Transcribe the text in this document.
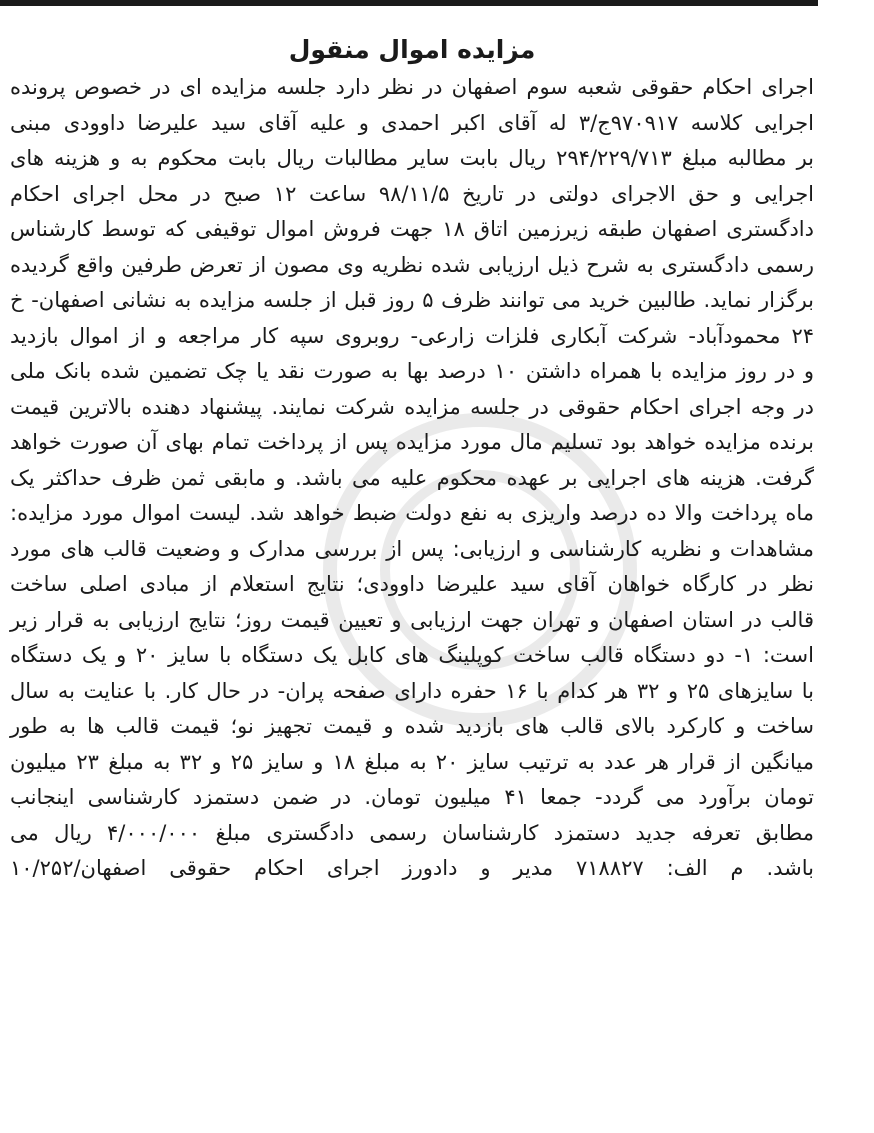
مزایده اموال منقول
اجرای احکام حقوقی شعبه سوم اصفهان در نظر دارد جلسه مزایده ای در خصوص پرونده
اجرایی کلاسه ۹۷۰۹۱۷ج/۳ له آقای اکبر احمدی و علیه آقای سید علیرضا داوودی مبنی
بر مطالبه مبلغ ۲۹۴/۲۲۹/۷۱۳ ریال بابت سایر مطالبات ریال بابت محکوم به و هزینه های
اجرایی و حق الاجرای دولتی در تاریخ ۹۸/۱۱/۵ ساعت ۱۲ صبح در محل اجرای احکام
دادگستری اصفهان طبقه زیرزمین اتاق ۱۸ جهت فروش اموال توقیفی که توسط کارشناس
رسمی دادگستری به شرح ذیل ارزیابی شده نظریه وی مصون از تعرض طرفین واقع گردیده
برگزار نماید. طالبین خرید می توانند ظرف ۵ روز قبل از جلسه مزایده به نشانی اصفهان- خ
۲۴ محمودآباد- شرکت آبکاری فلزات زارعی- روبروی سپه کار مراجعه و از اموال بازدید
و در روز مزایده با همراه داشتن ۱۰ درصد بها به صورت نقد یا چک تضمین شده بانک ملی
در وجه اجرای احکام حقوقی در جلسه مزایده شرکت نمایند. پیشنهاد دهنده بالاترین قیمت
برنده مزایده خواهد بود تسلیم مال مورد مزایده پس از پرداخت تمام بهای آن صورت خواهد
گرفت. هزینه های اجرایی بر عهده محکوم علیه می باشد. و مابقی ثمن ظرف حداکثر یک
ماه پرداخت والا ده درصد واریزی به نفع دولت ضبط خواهد شد. لیست اموال مورد مزایده:
مشاهدات و نظریه کارشناسی و ارزیابی: پس از بررسی مدارک و وضعیت قالب های مورد
نظر در کارگاه خواهان آقای سید علیرضا داوودی؛ نتایج استعلام از مبادی اصلی ساخت
قالب در استان اصفهان و تهران جهت ارزیابی و تعیین قیمت روز؛ نتایج ارزیابی به قرار زیر
است: ۱- دو دستگاه قالب ساخت کوپلینگ های کابل یک دستگاه با سایز ۲۰ و یک دستگاه
با سایزهای ۲۵ و ۳۲ هر کدام با ۱۶ حفره دارای صفحه پران- در حال کار. با عنایت به سال
ساخت و کارکرد بالای قالب های بازدید شده و قیمت تجهیز نو؛ قیمت قالب ها به طور
میانگین از قرار هر عدد به ترتیب سایز ۲۰ به مبلغ ۱۸ و سایز ۲۵ و ۳۲ به مبلغ ۲۳ میلیون
تومان برآورد می گردد- جمعا ۴۱ میلیون تومان. در ضمن دستمزد کارشناسی اینجانب
مطابق تعرفه جدید دستمزد کارشناسان رسمی دادگستری مبلغ ۴/۰۰۰/۰۰۰ ریال می
باشد. م الف: ۷۱۸۸۲۷ مدیر و دادورز اجرای احکام حقوقی اصفهان/۱۰/۲۵۲
